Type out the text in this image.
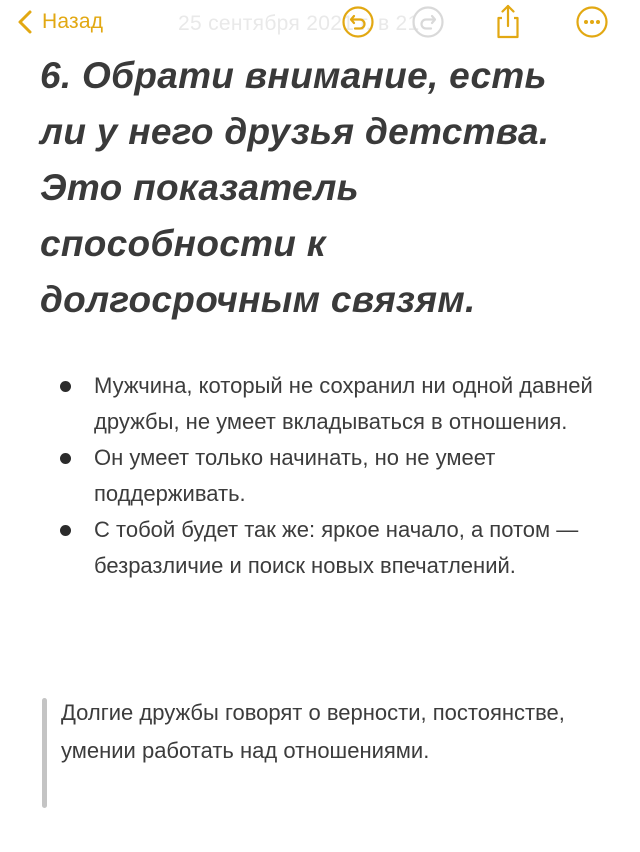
Назад	25 сентября 2021 г. в 21
6. Обрати внимание, есть ли у него друзья детства. Это показатель способности к долгосрочным связям.
Мужчина, который не сохранил ни одной давней дружбы, не умеет вкладываться в отношения.
Он умеет только начинать, но не умеет поддерживать.
С тобой будет так же: яркое начало, а потом — безразличие и поиск новых впечатлений.
Долгие дружбы говорят о верности, постоянстве, умении работать над отношениями.
